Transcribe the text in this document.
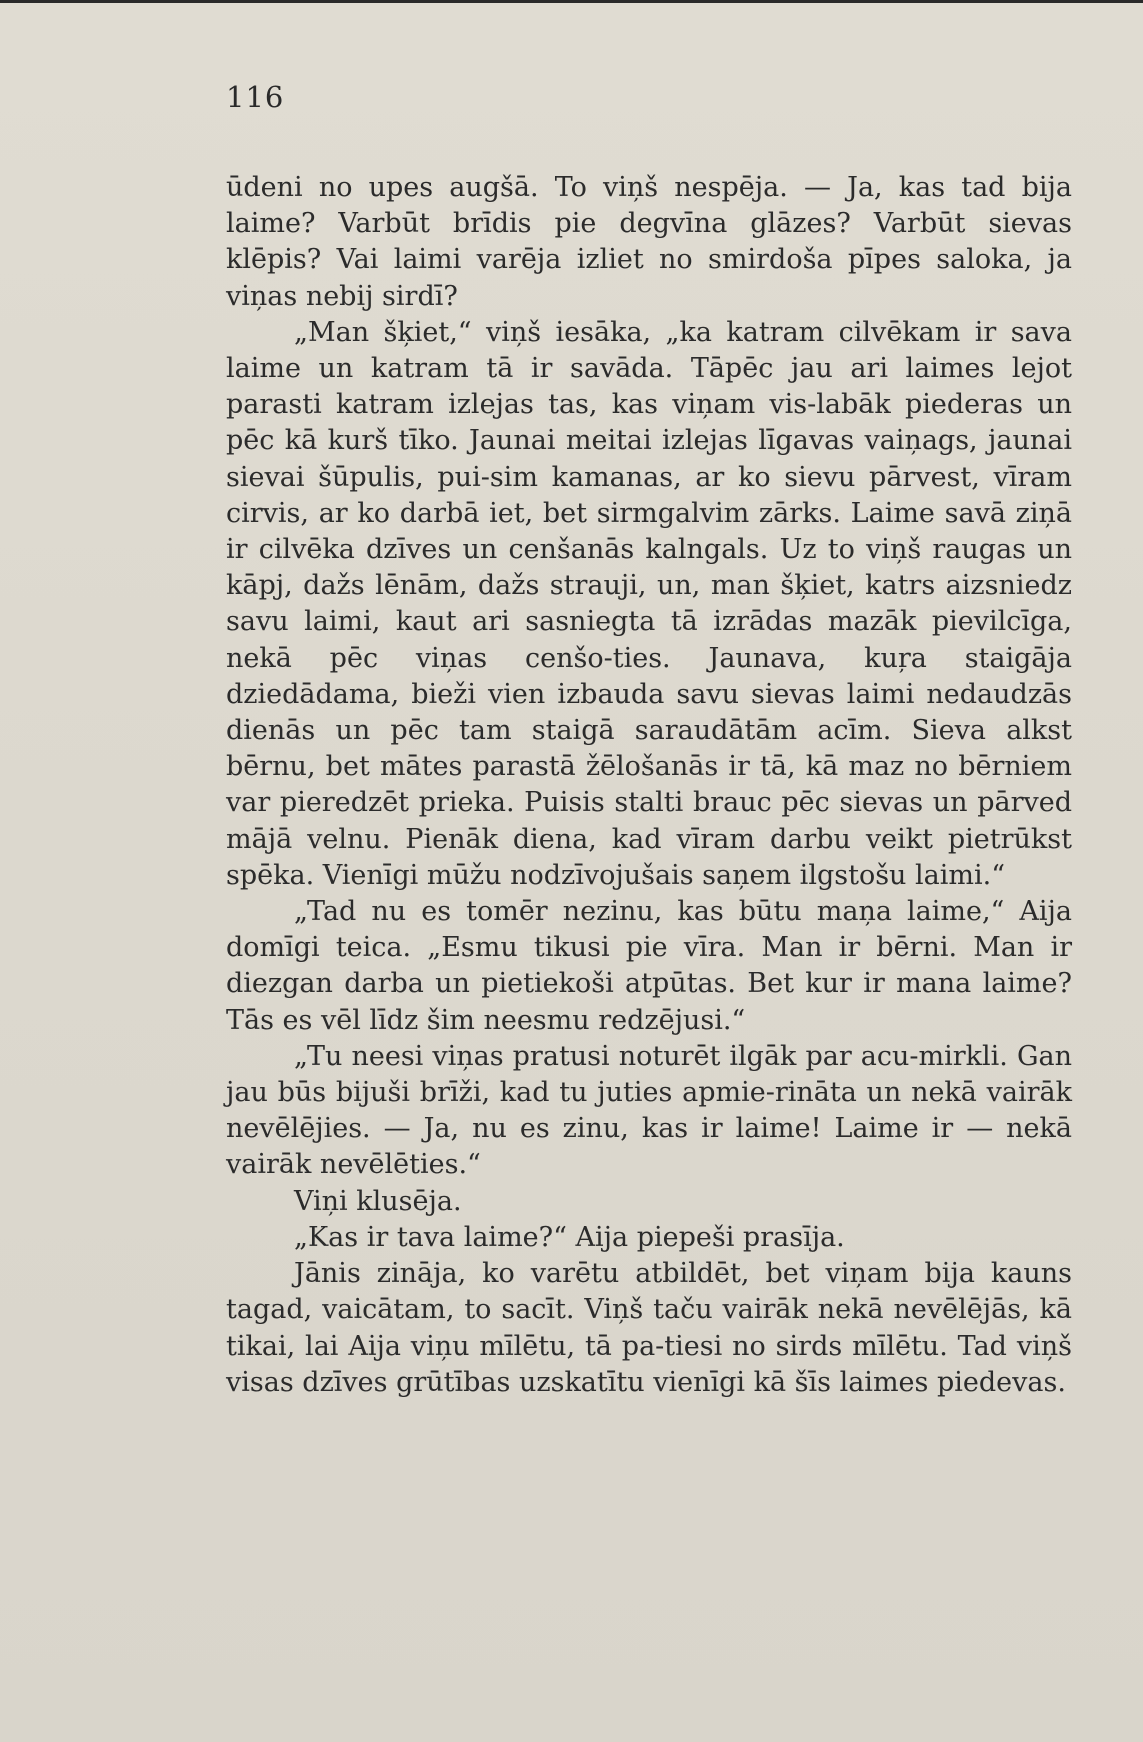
116

ūdeni no upes augšā. To viņš nespēja. — Ja, kas tad bija laime? Varbūt brīdis pie degvīna glāzes? Varbūt sievas klēpis? Vai laimi varēja izliet no smirdoša pīpes saloka, ja viņas nebij sirdī?

„Man šķiet,“ viņš iesāka, „ka katram cilvēkam ir sava laime un katram tā ir savāda. Tāpēc jau ari laimes lejot parasti katram izlejas tas, kas viņam vis-labāk piederas un pēc kā kurš tīko. Jaunai meitai izlejas līgavas vaiņags, jaunai sievai šūpulis, pui-sim kamanas, ar ko sievu pārvest, vīram cirvis, ar ko darbā iet, bet sirmgalvim zārks. Laime savā ziņā ir cilvēka dzīves un cenšanās kalngals. Uz to viņš raugas un kāpj, dažs lēnām, dažs strauji, un, man šķiet, katrs aizsniedz savu laimi, kaut ari sasniegta tā izrādas mazāk pievilcīga, nekā pēc viņas cenšo-ties. Jaunava, kuŗa staigāja dziedādama, bieži vien izbauda savu sievas laimi nedaudzās dienās un pēc tam staigā saraudātām acīm. Sieva alkst bērnu, bet mātes parastā žēlošanās ir tā, kā maz no bērniem var pieredzēt prieka. Puisis stalti brauc pēc sievas un pārved mājā velnu. Pienāk diena, kad vīram darbu veikt pietrūkst spēka. Vienīgi mūžu nodzīvojušais saņem ilgstošu laimi.“

„Tad nu es tomēr nezinu, kas būtu maņa laime,“ Aija domīgi teica. „Esmu tikusi pie vīra. Man ir bērni. Man ir diezgan darba un pietiekoši atpūtas. Bet kur ir mana laime? Tās es vēl līdz šim neesmu redzējusi.“

„Tu neesi viņas pratusi noturēt ilgāk par acu-mirkli. Gan jau būs bijuši brīži, kad tu juties apmie-rināta un nekā vairāk nevēlējies. — Ja, nu es zinu, kas ir laime! Laime ir — nekā vairāk nevēlēties.“

Viņi klusēja.

„Kas ir tava laime?“ Aija piepeši prasīja.

Jānis zināja, ko varētu atbildēt, bet viņam bija kauns tagad, vaicātam, to sacīt. Viņš taču vairāk nekā nevēlējās, kā tikai, lai Aija viņu mīlētu, tā pa-tiesi no sirds mīlētu. Tad viņš visas dzīves grūtības uzskatītu vienīgi kā šīs laimes piedevas.
